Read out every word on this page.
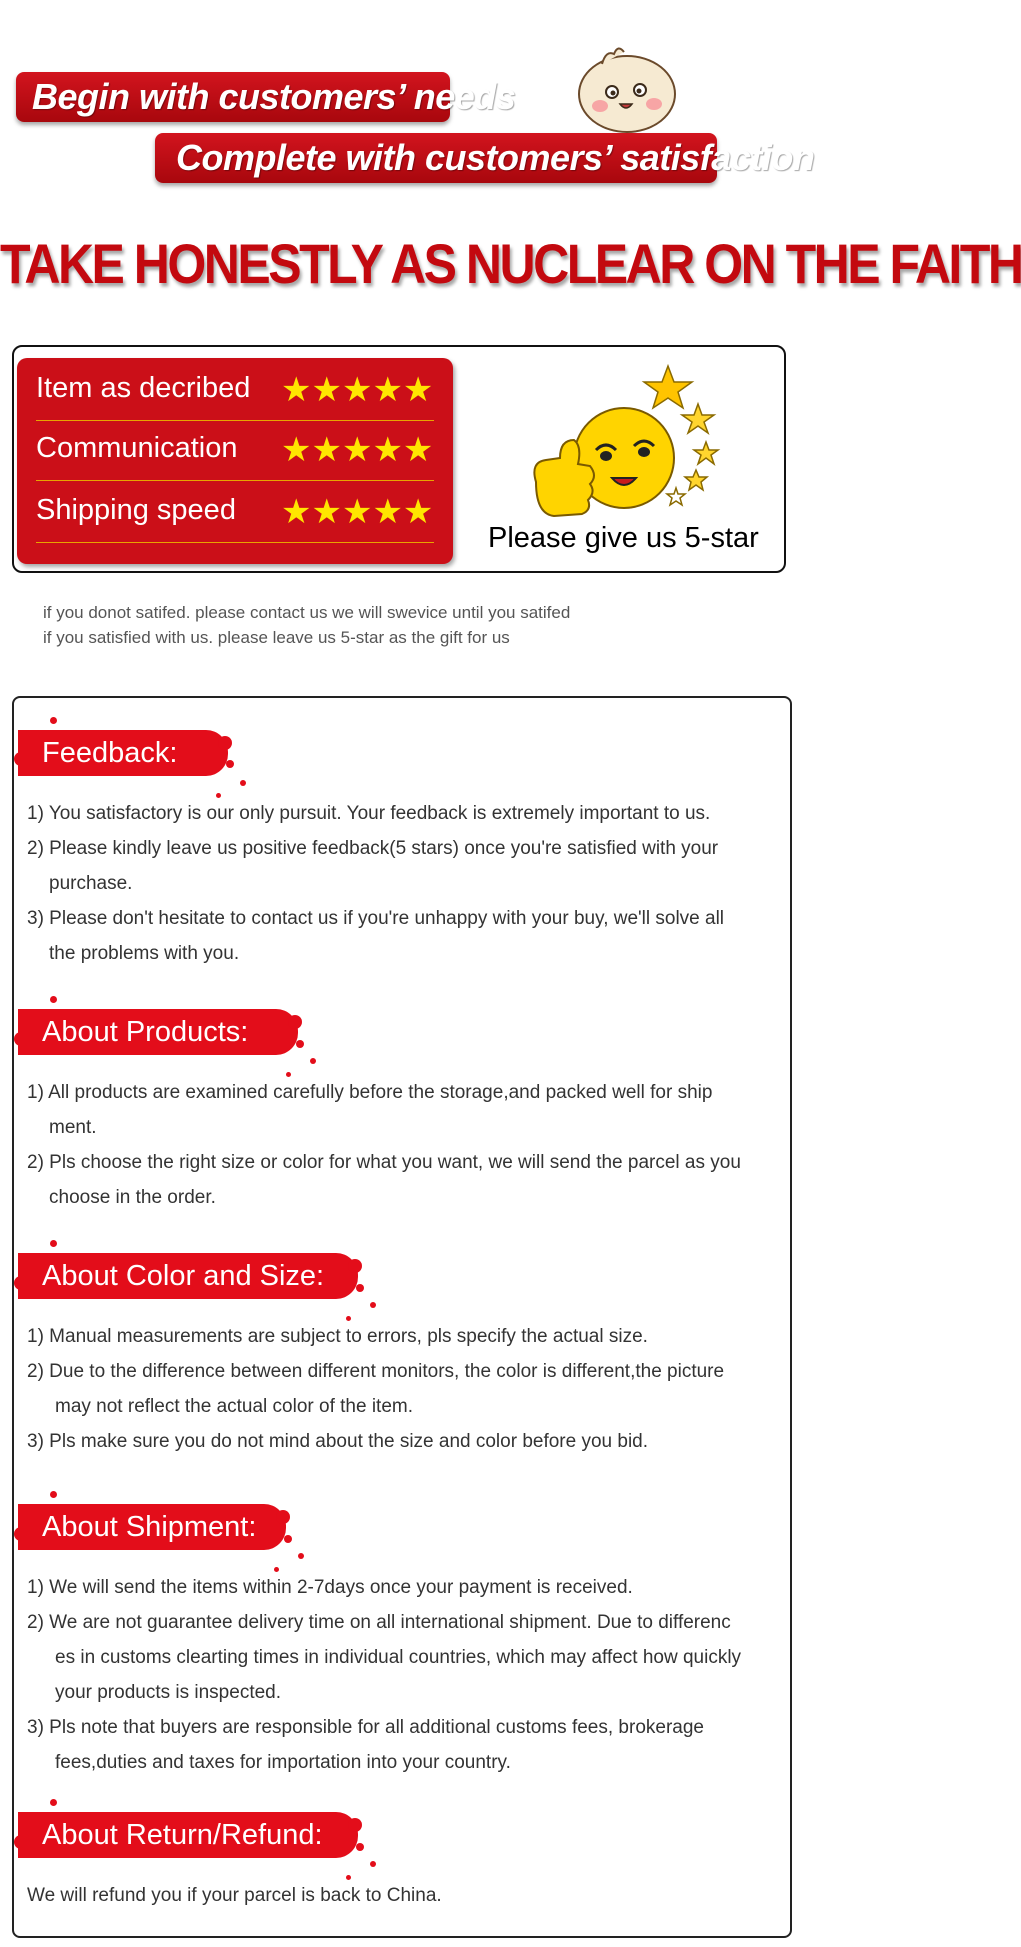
Begin with customers’ needs
Complete with customers’ satisfaction
TAKE HONESTLY AS NUCLEAR ON THE FAITH
Item as decribed ★★★★★
Communication ★★★★★
Shipping speed ★★★★★
Please give us 5-star
if you donot satifed. please contact us we will swevice until you satifed
if you satisfied with us. please leave us 5-star as the gift for us
Feedback:
1) You satisfactory is our only pursuit. Your feedback is extremely important to us.
2) Please kindly leave us positive feedback(5 stars) once you're satisfied with your
purchase.
3) Please don't hesitate to contact us if you're unhappy with your buy, we'll solve all
the problems with you.
About Products:
1) All products are examined carefully before the storage,and packed well for ship
ment.
2) Pls choose the right size or color for what you want, we will send the parcel as you
choose in the order.
About Color and Size:
1) Manual measurements are subject to errors, pls specify the actual size.
2) Due to the difference between different monitors, the color is different,the picture
may not reflect the actual color of the item.
3) Pls make sure you do not mind about the size and color before you bid.
About Shipment:
1) We will send the items within 2-7days once your payment is received.
2) We are not guarantee delivery time on all international shipment. Due to differenc
es in customs clearting times in individual countries, which may affect how quickly
your products is inspected.
3) Pls note that buyers are responsible for all additional customs fees, brokerage
fees,duties and taxes for importation into your country.
About Return/Refund:
We will refund you if your parcel is back to China.
